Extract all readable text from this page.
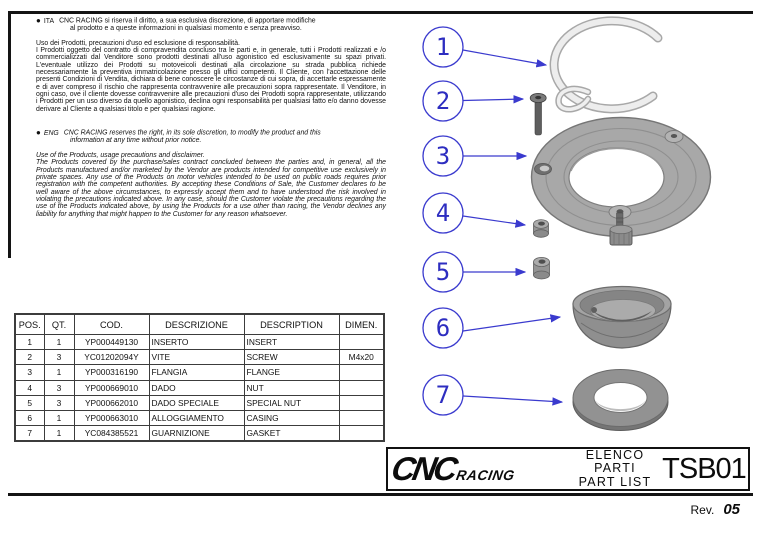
● ITA CNC RACING si riserva il diritto, a sua esclusiva discrezione, di apportare modifiche
al prodotto e a queste informazioni in qualsiasi momento e senza preavviso.
Uso dei Prodotti, precauzioni d'uso ed esclusione di responsabilità.
I Prodotti oggetto del contratto di compravendita concluso tra le parti e, in generale, tutti i Prodotti realizzati e /o commercializzati dal Venditore sono prodotti destinati all'uso agonistico ed esclusivamente su spazi privati. L'eventuale utilizzo dei Prodotti su motoveicoli destinati alla circolazione su strada pubblica richiede necessariamente la preventiva immatricolazione presso gli uffici competenti. Il Cliente, con l'accettazione delle presenti Condizioni di Vendita, dichiara di bene conoscere le circostanze di cui sopra, di accettarle espressamente e di aver compreso il rischio che rappresenta contravvenire alle precauzioni sopra rappresentate. Il Venditore, in ogni caso, ove il cliente dovesse contravvenire alle precauzioni d'uso dei Prodotti sopra rappresentate, utilizzando i Prodotti per un uso diverso da quello agonistico, declina ogni responsabilità per qualsiasi fatto e/o danno dovesse derivare al Cliente a qualsiasi titolo e per qualsiasi ragione.
● ENG CNC RACING reserves the right, in its sole discretion, to modify the product and this
information at any time without prior notice.
Use of the Products, usage precautions and disclaimer.
The Products covered by the purchase/sales contract concluded between the parties and, in general, all the Products manufactured and/or marketed by the Vendor are products intended for competitive use exclusively in private spaces. Any use of the Products on motor vehicles intended to be used on public roads requires prior registration with the competent authorities. By accepting these Conditions of Sale, the Customer declares to be well aware of the above circumstances, to expressly accept them and to have understood the risk involved in violating the precautions indicated above. In any case, should the Customer violate the precautions regarding the use of the Products indicated above, by using the Products for a use other than racing, the Vendor declines any liability for anything that might happen to the Customer for any reason whatsoever.
POS.	QT.	COD.	DESCRIZIONE	DESCRIPTION	DIMEN.
1	1	YP000449130	INSERTO	INSERT	
2	3	YC01202094Y	VITE	SCREW	M4x20
3	1	YP000316190	FLANGIA	FLANGE	
4	3	YP000669010	DADO	NUT	
5	3	YP000662010	DADO SPECIALE	SPECIAL NUT	
6	1	YP000663010	ALLOGGIAMENTO	CASING	
7	1	YC084385521	GUARNIZIONE	GASKET	
1
2
3
4
5
6
7
CNC
RACING
ELENCO PARTI
PART LIST TSB01
Rev. 05
